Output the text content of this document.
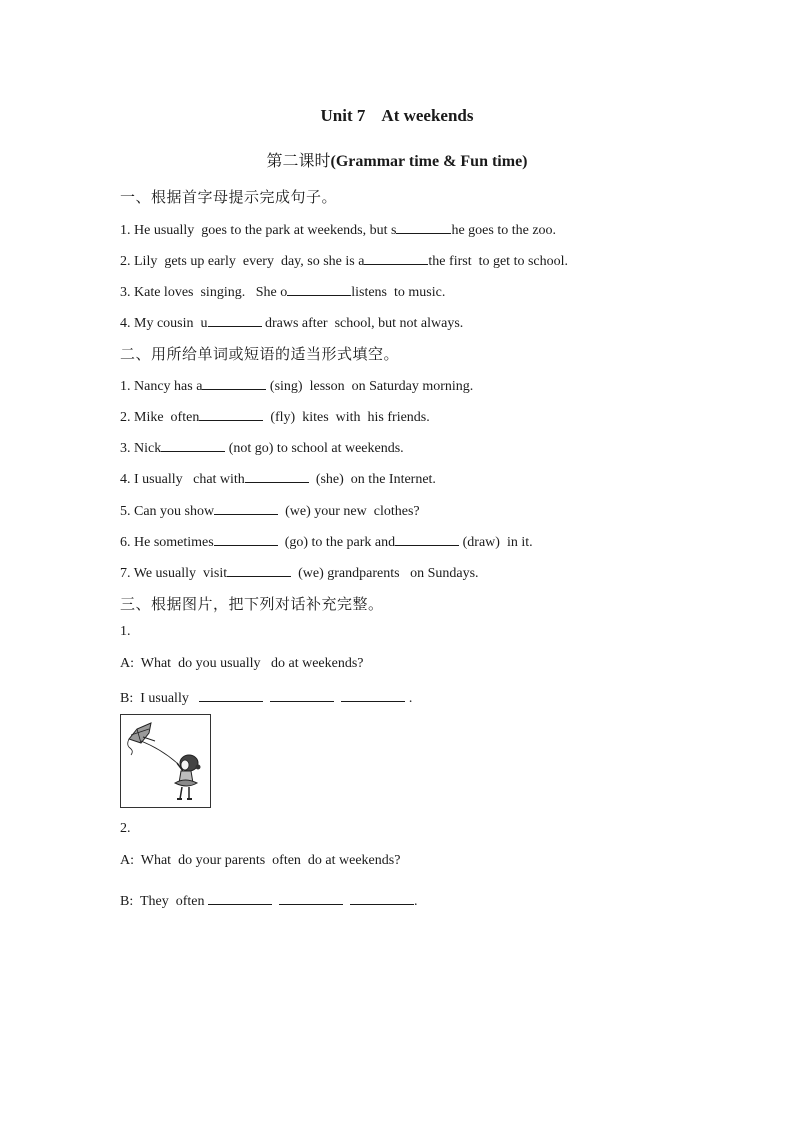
Unit 7    At weekends
第二课时(Grammar time & Fun time)
一、根据首字母提示完成句子。
1. He usually  goes to the park at weekends, but s	he goes to the zoo.
2. Lily  gets up early  every  day, so she is a	the first  to get to school.
3. Kate loves  singing.   She o	listens  to music.
4. My cousin  u	draws after  school, but not always.
二、用所给单词或短语的适当形式填空。
1. Nancy has a	(sing)  lesson  on Saturday morning.
2. Mike  often	(fly)  kites  with  his friends.
3. Nick	(not go) to school at weekends.
4. I usually   chat with	(she)  on the Internet.
5. Can you show	(we) your new  clothes?
6. He sometimes	(go) to the park and	(draw)  in it.
7. We usually  visit	(we) grandparents   on Sundays.
三、根据图片，把下列对话补充完整。
1.
A:  What  do you usually   do at weekends?
B:  I usually	.
2.
A:  What  do your parents  often  do at weekends?
B:  They  often	.
